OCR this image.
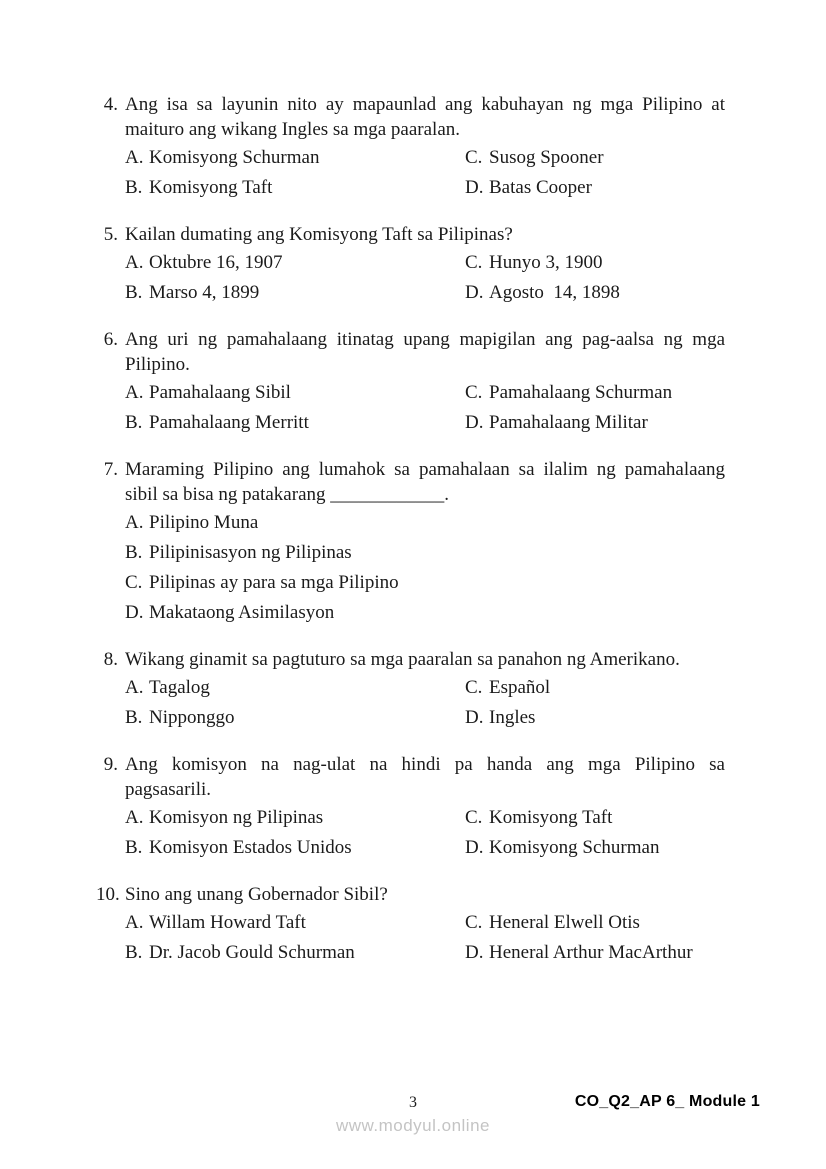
4. Ang isa sa layunin nito ay mapaunlad ang kabuhayan ng mga Pilipino at
maituro ang wikang Ingles sa mga paaralan.
A. Komisyong Schurman
B. Komisyong Taft
C. Susog Spooner
D. Batas Cooper
5. Kailan dumating ang Komisyong Taft sa Pilipinas?
A. Oktubre 16, 1907
B. Marso 4, 1899
C. Hunyo 3, 1900
D. Agosto  14, 1898
6. Ang uri ng pamahalaang itinatag upang mapigilan ang pag-aalsa ng mga
Pilipino.
A. Pamahalaang Sibil
B. Pamahalaang Merritt
C. Pamahalaang Schurman
D. Pamahalaang Militar
7. Maraming Pilipino ang lumahok sa pamahalaan sa ilalim ng pamahalaang
sibil sa bisa ng patakarang ____________.
A. Pilipino Muna
B. Pilipinisasyon ng Pilipinas
C. Pilipinas ay para sa mga Pilipino
D. Makataong Asimilasyon
8. Wikang ginamit sa pagtuturo sa mga paaralan sa panahon ng Amerikano.
A. Tagalog
B. Nipponggo
C. Español
D. Ingles
9. Ang komisyon na nag-ulat na hindi pa handa ang mga Pilipino sa
pagsasarili.
A. Komisyon ng Pilipinas
B. Komisyon Estados Unidos
C. Komisyong Taft
D. Komisyong Schurman
10. Sino ang unang Gobernador Sibil?
A. Willam Howard Taft
B. Dr. Jacob Gould Schurman
C. Heneral Elwell Otis
D. Heneral Arthur MacArthur
3	CO_Q2_AP 6_ Module 1
www.modyul.online
